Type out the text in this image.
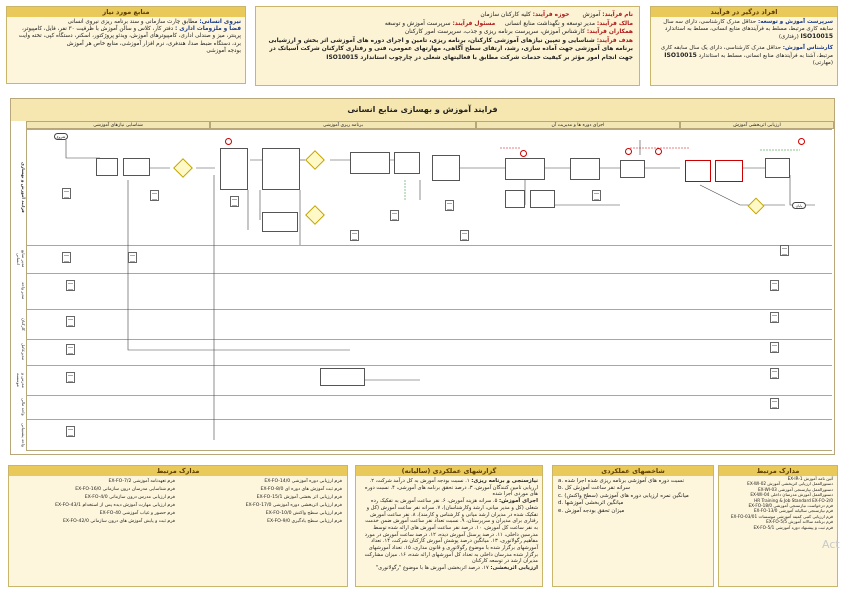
منابع مورد نیاز
نیروی انسانی: مطابق چارت سازمانی و سند برنامه ریزی نیروی انسانی
فضا و ملزومات اداری : دفتر کار، کلاس و سالن آموزش با ظرفیت ۳۰ نفر، فایل، کامپیوتر، پرینتر، میز و صندلی اداری، کامپیوترهای آموزش، ویدئو پروژکتور، اسکنر، دستگاه کپی، تخته وایت برد، دستگاه ضبط صدا، هندفری، نرم افزار آموزشی، منابع خاص هر آموزش
بودجه آموزشی
نام فرآیند: آموزش       حوزه فرآیند: کلیه کارکنان سازمان
مالک فرآیند: مدیر توسعه و نگهداشت منابع انسانی     مسئول فرآیند: سرپرست آموزش و توسعه
همکاران فرآیند: کارشناس آموزش، سرپرست برنامه ریزی و جذب، سرپرست امور کارکنان
هدف فرآیند: شناسایی و تعیین نیازهای آموزشی کارکنان، برنامه ریزی، تامین و اجرای دوره های آموزشی اثر بخش و ارزشیابی برنامه های آموزشی جهت آماده سازی، رشد، ارتقای سطح آگاهی، مهارتهای عمومی، فنی و رفتاری کارکنان شرکت آسیاتک در جهت انجام امور مؤثر بر کیفیت خدمات شرکت مطابق با فعالیتهای شغلی در چارچوب استاندارد ISO10015
افراد درگیر در فرآیند
سرپرست آموزش و توسعه: حداقل مدرک کارشناسی، دارای سه سال سابقه کاری مرتبط، مسلط به فرآیندهای منابع انسانی، مسلط به استاندارد ISO10015 (رفتاری)
کارشناس آموزش: حداقل مدرک کارشناسی، دارای یک سال سابقه کاری مرتبط، آشنا به فرآیندهای منابع انسانی، مسلط به استاندارد ISO10015 (مهارتی)
فرایند آموزش و بهسازی منابع انسانی
ارزیابی اثربخشی آموزش
اجرای دوره ها و مدیریت آن
برنامه ریزی آموزشی
شناسایی نیازهای آموزشی
فرایند آموزش و بهسازی
مدیر منابع انسانی
مدیر واحد
کارکنان
مدیرعامل
مدرس و موسسه
واحد مالی
واحد پشتیبانی
شروع
پایان
گزارشهای عملکردی (سالیانه)
نیازسنجی و برنامه ریزی: ۱. نسبت بودجه آموزش به کل درآمد شرکت، ۲. ارزیابی تامین کنندگان آموزش، ۳. درصد تحقق برنامه های آموزشی، ۴. نسبت دوره های موردی اجرا شده
اجرای آموزش: ۵. سرانه هزینه آموزش، ۶. نفر ساعت آموزش به تفکیک رده شغلی (کل و مدیر میانی، ارشد وکارشناسان)، ۷. سرانه نفر ساعت آموزش (کل و تفکیک شده در مدیران ارشد میانی و کارشناس و کارمند)، ۸. نفر ساعت آموزش رفتاری برای مدیران و سرپرستان، ۹. نسبت تعداد نفر ساعت آموزش ضمن خدمت به نفر ساعت کل آموزش، ۱۰. درصد نفر ساعت آموزش های ارائه شده توسط مدرسین داخلی، ۱۱. درصد پرسنل آموزش دیده، ۱۲. درصد ساعت آموزش در مورد مفاهیم رگولاتوری، ۱۳. میانگین درصد پوشش آموزش کارکنان شرکت، ۱۴. تعداد آموزشهای برگزار شده با موضوع رگولاتوری و قانون مداری، ۱۵. تعداد آموزشهای برگزار شده مدرسان داخلی به تعداد کل آموزشهای ارائه شده، ۱۶. میزان مشارکت مدیران ارشد در توسعه کارکنان
ارزیابی اثربخشی: ۱۷. درصد اثربخشی آموزش ها با موضوع "رگولاتوری"
شاخصهای عملکردی
a. نسبت دوره های آموزشی برنامه ریزی شده اجرا شده
b. سرانه نفر ساعت آموزش کل
c. میانگین نمره ارزیابی دوره های آموزشی (سطح واکنش)
d. میانگین اثربخشی آموزشها
e. میزان تحقق بودجه آموزش
مدارک مرتبط
EX-IR-1 آئین نامه آموزش
EX-WI-02 دستورالعمل ارزیابی اثربخشی آموزش
EX-WI-03 دستورالعمل نیازسنجی آموزشی
EX-WI-04 دستورالعمل آموزش مدرسان داخلی
HR Training & Job Standard EX-FO-2/0
EX-FO-18/0 فرم درخواست نیازسنجی آموزشی
EX-FO-13/0 فرم نیازسنجی سالیانه آموزشی
EX-FO-03/01 فرم ارزیابی کتبی کمیته آموزشی موسسات
EX-FO-5/5 فرم برنامه سالانه آموزش
EX-FO-5/1 فرم ثبت و پیشنهاد دوره آموزشی
Act
مدارک مرتبط
EX-FO-7/2 فرم تعهدنامه آموزشی
EX-FO-16/0 فرم شناسایی مدرسان درون سازمانی
EX-FO-4/0 فرم ارزیابی مدرس درون سازمانی
EX-FO-43/1 فرم ارزیابی مهارت آموزش دیده پس از استخدام
EX-FO-40 فرم حضور و غیاب آموزشی
EX-FO-42/0 فرم ثبت و پایش آموزش های درون سازمانی
EX-FO-14/0 فرم ارزیابی دوره آموزشی
EX-FO-8/0 فرم ثبت آموزش های دوره ای
EX-FO-15/1 فرم ارزیابی اثر بخشی آموزش
EX-FO-17/0 فرم ارزیابی اثربخشی دوره آموزشی
EX-FO-10/0 فرم ارزیابی سطح واکنش
EX-FO-9/0 فرم ارزیابی سطح یادگیری
